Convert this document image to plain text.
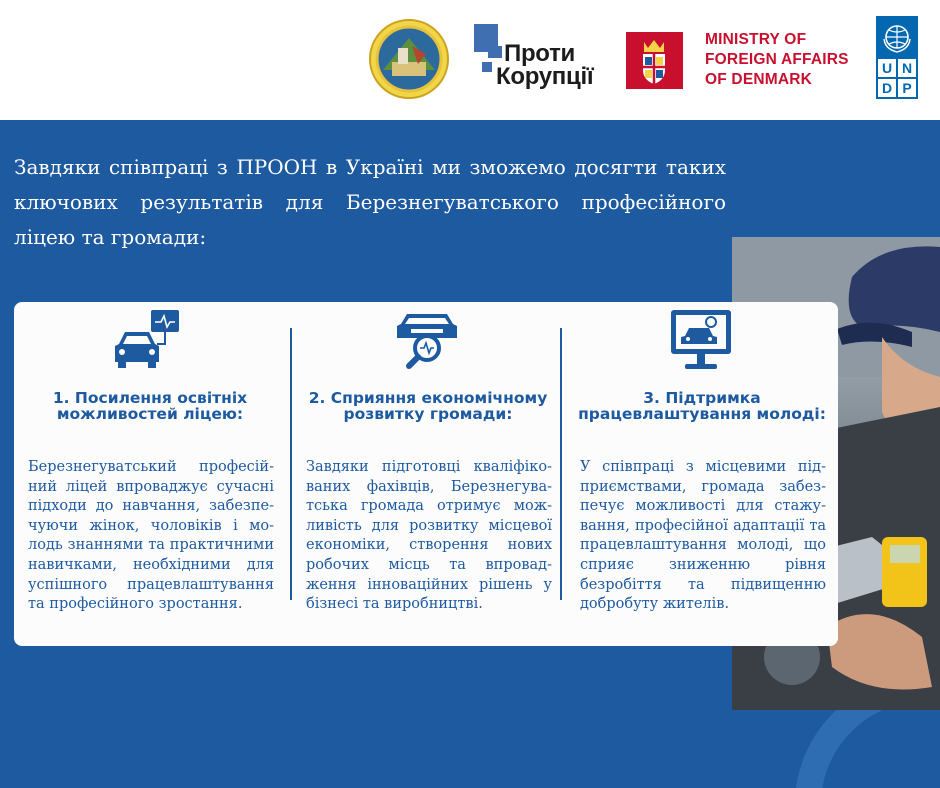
Проти
Корупції
MINISTRY OF
FOREIGN AFFAIRS
OF DENMARK
U N
D P

Завдяки співпраці з ПРООН в Україні ми зможемо досягти таких ключових результатів для Березнегуватського професійного ліцею та громади:

1. Посилення освітніх можливостей ліцею:
Березнегуватський професійний ліцей впроваджує сучасні підходи до навчання, забезпечуючи жінок, чоловіків і молодь знаннями та практичними навичками, необхідними для успішного працевлаштування та професійного зростання.
2. Сприяння економічному розвитку громади:
Завдяки підготовці кваліфікованих фахівців, Березнегуватська громада отримує можливість для розвитку місцевої економіки, створення нових робочих місць та впровадження інноваційних рішень у бізнесі та виробництві.
3. Підтримка працевлаштування молоді:
У співпраці з місцевими підприємствами, громада забезпечує можливості для стажування, професійної адаптації та працевлаштування молоді, що сприяє зниженню рівня безробіття та підвищенню добробуту жителів.
